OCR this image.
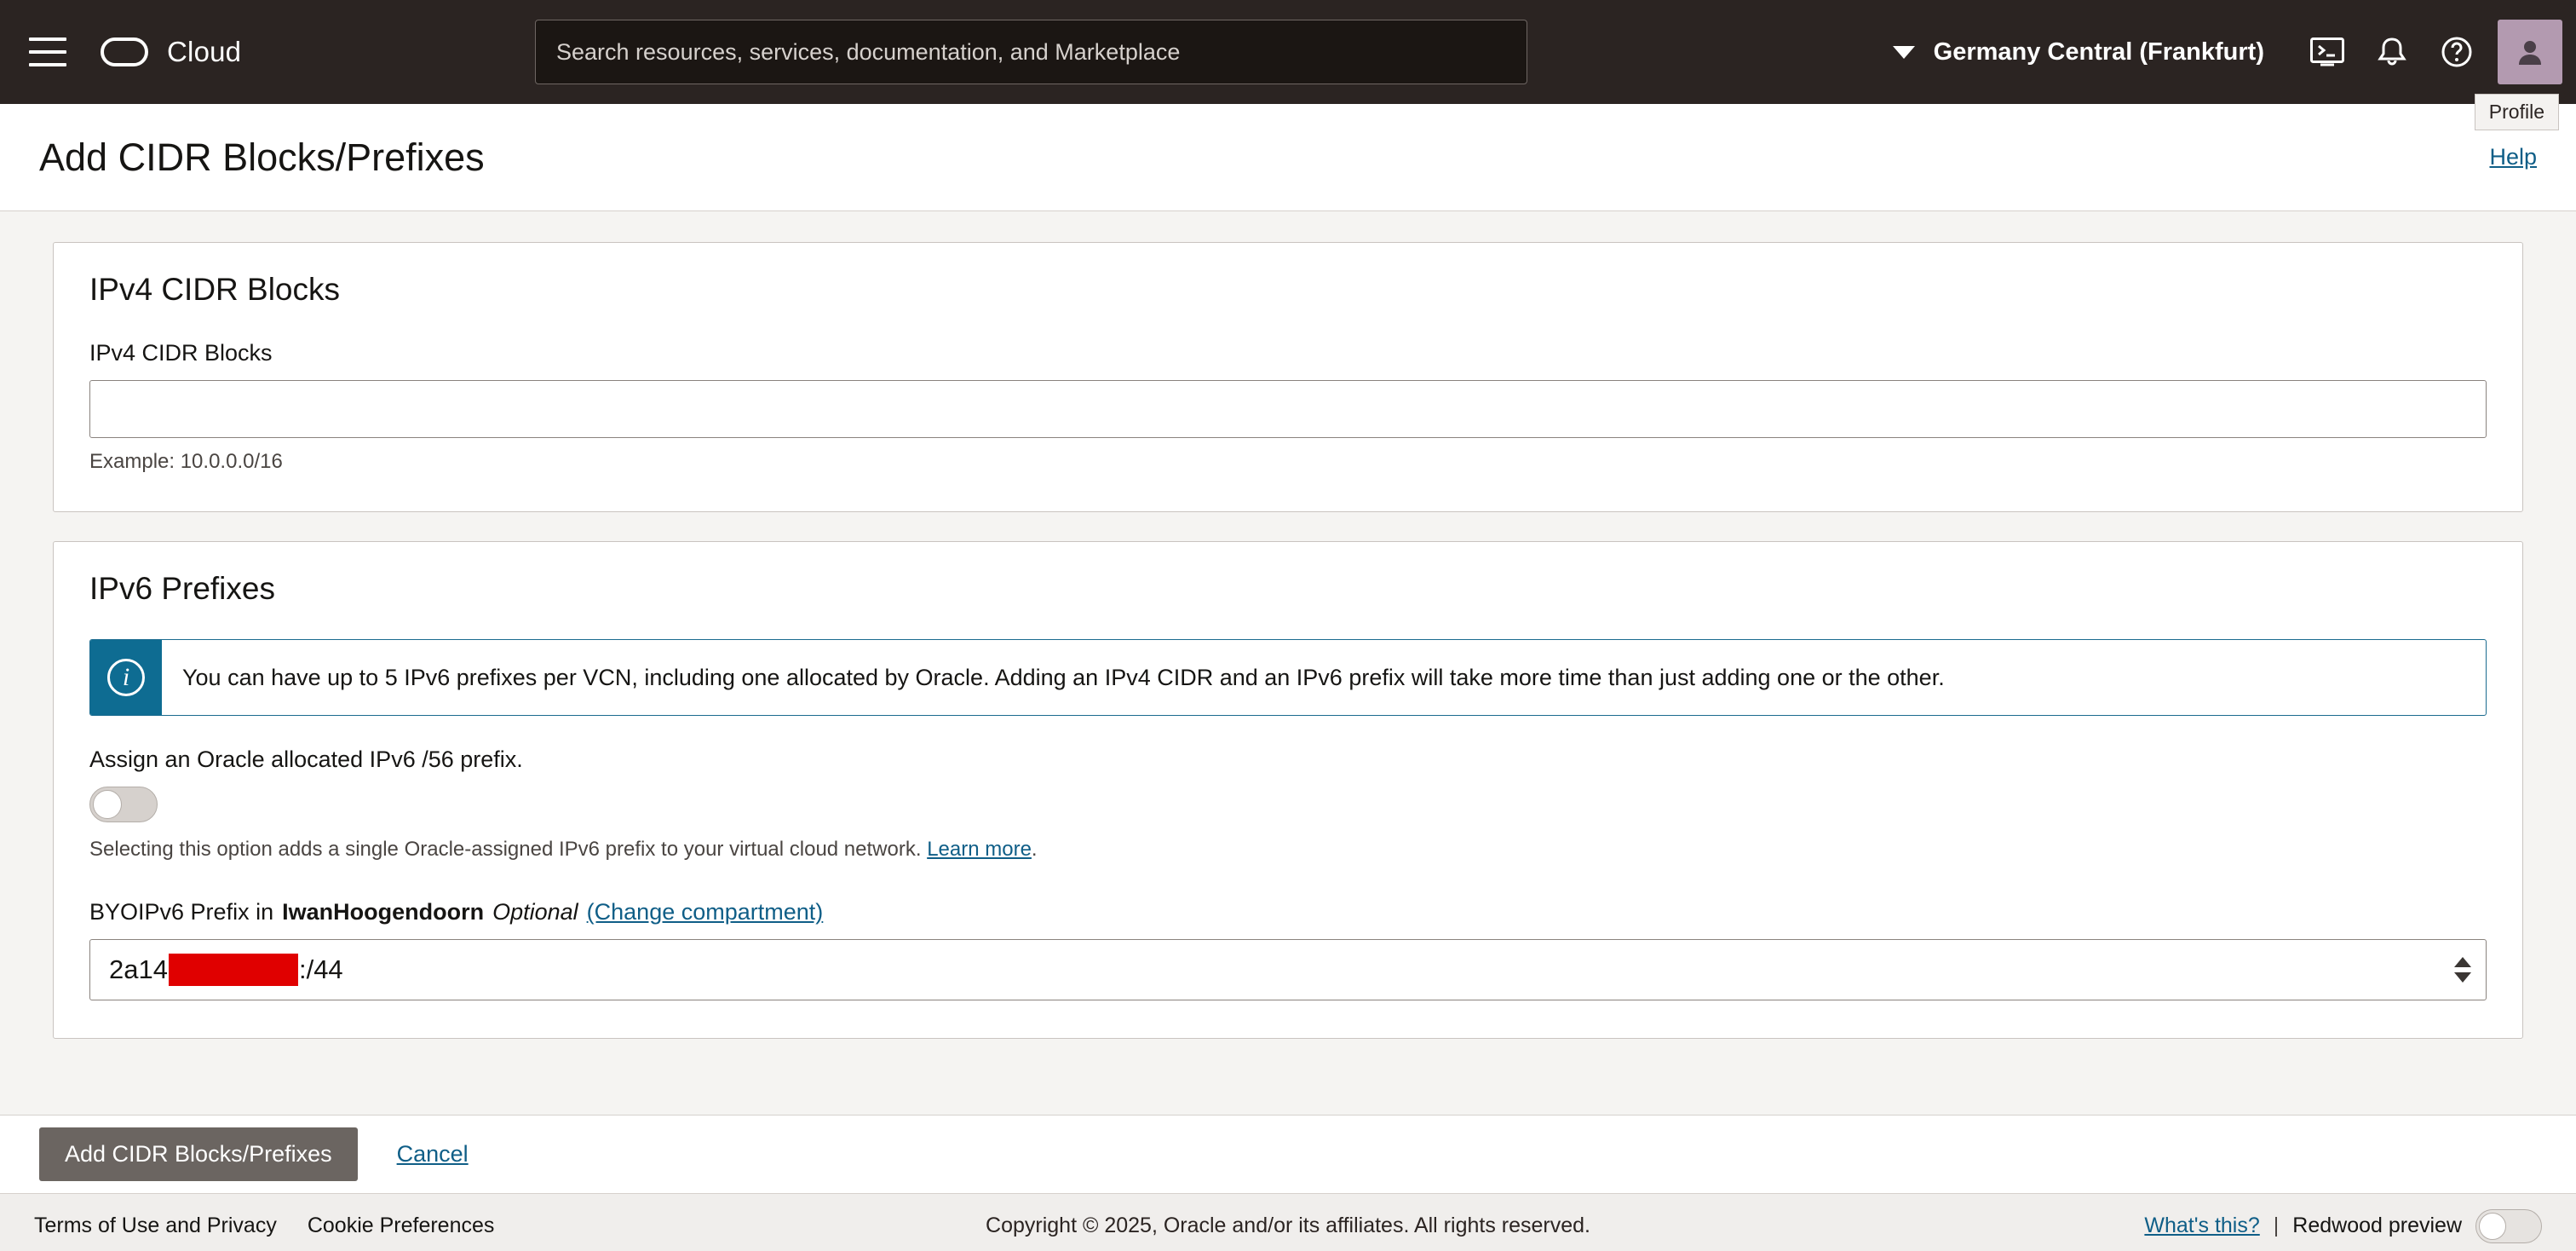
Cloud
Search resources, services, documentation, and Marketplace	Germany Central (Frankfurt)
Profile
Add CIDR Blocks/Prefixes	Help
IPv4 CIDR Blocks
IPv4 CIDR Blocks
Example: 10.0.0.0/16
IPv6 Prefixes
i	You can have up to 5 IPv6 prefixes per VCN, including one allocated by Oracle. Adding an IPv4 CIDR and an IPv6 prefix will take more time than just adding one or the other.
Assign an Oracle allocated IPv6 /56 prefix.
Selecting this option adds a single Oracle-assigned IPv6 prefix to your virtual cloud network. Learn more.
BYOIPv6 Prefix in IwanHoogendoorn Optional (Change compartment)
2a14	:/44
Add CIDR Blocks/Prefixes	Cancel
Terms of Use and Privacy Cookie Preferences	Copyright © 2025, Oracle and/or its affiliates. All rights reserved.	What's this? | Redwood preview
